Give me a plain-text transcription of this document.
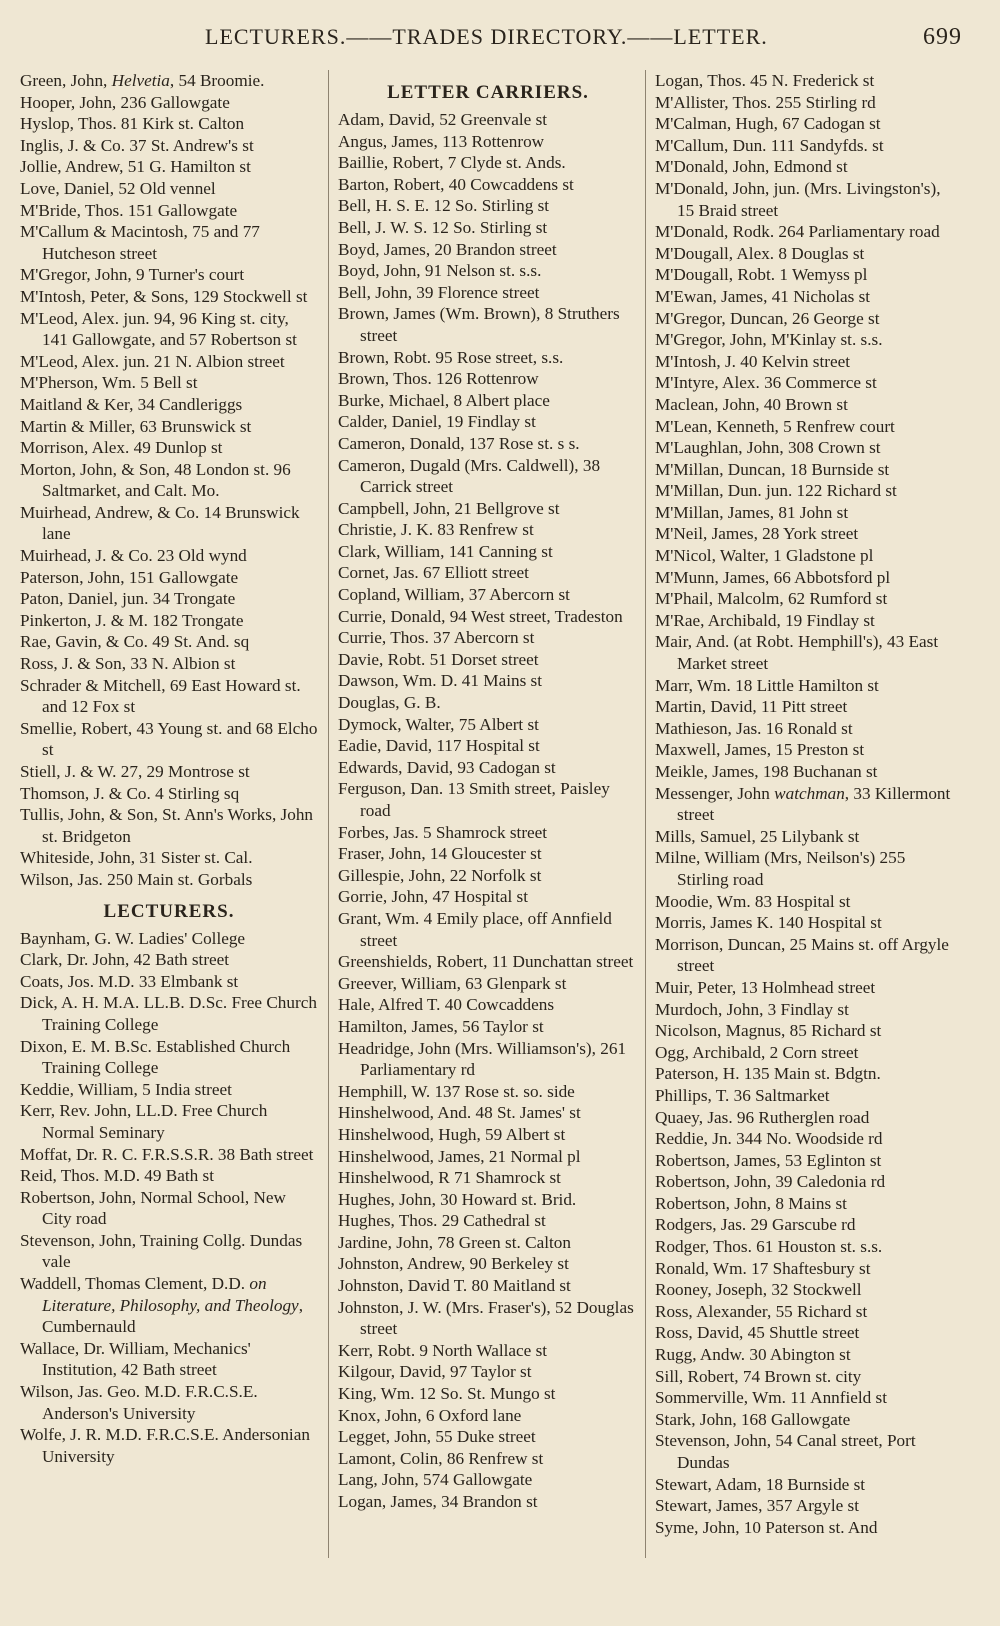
LECTURERS.——TRADES DIRECTORY.——LETTER.	699
Green, John, Helvetia, 54 Broomie.
Hooper, John, 236 Gallowgate
Hyslop, Thos. 81 Kirk st. Calton
Inglis, J. & Co. 37 St. Andrew's st
Jollie, Andrew, 51 G. Hamilton st
Love, Daniel, 52 Old vennel
M'Bride, Thos. 151 Gallowgate
M'Callum & Macintosh, 75 and 77 Hutcheson street
M'Gregor, John, 9 Turner's court
M'Intosh, Peter, & Sons, 129 Stockwell st
M'Leod, Alex. jun. 94, 96 King st. city, 141 Gallowgate, and 57 Robertson st
M'Leod, Alex. jun. 21 N. Albion street
M'Pherson, Wm. 5 Bell st
Maitland & Ker, 34 Candleriggs
Martin & Miller, 63 Brunswick st
Morrison, Alex. 49 Dunlop st
Morton, John, & Son, 48 London st. 96 Saltmarket, and Calt. Mo.
Muirhead, Andrew, & Co. 14 Brunswick lane
Muirhead, J. & Co. 23 Old wynd
Paterson, John, 151 Gallowgate
Paton, Daniel, jun. 34 Trongate
Pinkerton, J. & M. 182 Trongate
Rae, Gavin, & Co. 49 St. And. sq
Ross, J. & Son, 33 N. Albion st
Schrader & Mitchell, 69 East Howard st. and 12 Fox st
Smellie, Robert, 43 Young st. and 68 Elcho st
Stiell, J. & W. 27, 29 Montrose st
Thomson, J. & Co. 4 Stirling sq
Tullis, John, & Son, St. Ann's Works, John st. Bridgeton
Whiteside, John, 31 Sister st. Cal.
Wilson, Jas. 250 Main st. Gorbals
LECTURERS.
Baynham, G. W. Ladies' College
Clark, Dr. John, 42 Bath street
Coats, Jos. M.D. 33 Elmbank st
Dick, A. H. M.A. LL.B. D.Sc. Free Church Training College
Dixon, E. M. B.Sc. Established Church Training College
Keddie, William, 5 India street
Kerr, Rev. John, LL.D. Free Church Normal Seminary
Moffat, Dr. R. C. F.R.S.S.R. 38 Bath street
Reid, Thos. M.D. 49 Bath st
Robertson, John, Normal School, New City road
Stevenson, John, Training Collg. Dundas vale
Waddell, Thomas Clement, D.D. on Literature, Philosophy, and Theology, Cumbernauld
Wallace, Dr. William, Mechanics' Institution, 42 Bath street
Wilson, Jas. Geo. M.D. F.R.C.S.E. Anderson's University
Wolfe, J. R. M.D. F.R.C.S.E. Andersonian University
LETTER CARRIERS.
Adam, David, 52 Greenvale st
Angus, James, 113 Rottenrow
Baillie, Robert, 7 Clyde st. Ands.
Barton, Robert, 40 Cowcaddens st
Bell, H. S. E. 12 So. Stirling st
Bell, J. W. S. 12 So. Stirling st
Boyd, James, 20 Brandon street
Boyd, John, 91 Nelson st. s.s.
Bell, John, 39 Florence street
Brown, James (Wm. Brown), 8 Struthers street
Brown, Robt. 95 Rose street, s.s.
Brown, Thos. 126 Rottenrow
Burke, Michael, 8 Albert place
Calder, Daniel, 19 Findlay st
Cameron, Donald, 137 Rose st. s s.
Cameron, Dugald (Mrs. Caldwell), 38 Carrick street
Campbell, John, 21 Bellgrove st
Christie, J. K. 83 Renfrew st
Clark, William, 141 Canning st
Cornet, Jas. 67 Elliott street
Copland, William, 37 Abercorn st
Currie, Donald, 94 West street, Tradeston
Currie, Thos. 37 Abercorn st
Davie, Robt. 51 Dorset street
Dawson, Wm. D. 41 Mains st
Douglas, G. B.
Dymock, Walter, 75 Albert st
Eadie, David, 117 Hospital st
Edwards, David, 93 Cadogan st
Ferguson, Dan. 13 Smith street, Paisley road
Forbes, Jas. 5 Shamrock street
Fraser, John, 14 Gloucester st
Gillespie, John, 22 Norfolk st
Gorrie, John, 47 Hospital st
Grant, Wm. 4 Emily place, off Annfield street
Greenshields, Robert, 11 Dunchattan street
Greever, William, 63 Glenpark st
Hale, Alfred T. 40 Cowcaddens
Hamilton, James, 56 Taylor st
Headridge, John (Mrs. Williamson's), 261 Parliamentary rd
Hemphill, W. 137 Rose st. so. side
Hinshelwood, And. 48 St. James' st
Hinshelwood, Hugh, 59 Albert st
Hinshelwood, James, 21 Normal pl
Hinshelwood, R 71 Shamrock st
Hughes, John, 30 Howard st. Brid.
Hughes, Thos. 29 Cathedral st
Jardine, John, 78 Green st. Calton
Johnston, Andrew, 90 Berkeley st
Johnston, David T. 80 Maitland st
Johnston, J. W. (Mrs. Fraser's), 52 Douglas street
Kerr, Robt. 9 North Wallace st
Kilgour, David, 97 Taylor st
King, Wm. 12 So. St. Mungo st
Knox, John, 6 Oxford lane
Legget, John, 55 Duke street
Lamont, Colin, 86 Renfrew st
Lang, John, 574 Gallowgate
Logan, James, 34 Brandon st
Logan, Thos. 45 N. Frederick st
M'Allister, Thos. 255 Stirling rd
M'Calman, Hugh, 67 Cadogan st
M'Callum, Dun. 111 Sandyfds. st
M'Donald, John, Edmond st
M'Donald, John, jun. (Mrs. Livingston's), 15 Braid street
M'Donald, Rodk. 264 Parliamentary road
M'Dougall, Alex. 8 Douglas st
M'Dougall, Robt. 1 Wemyss pl
M'Ewan, James, 41 Nicholas st
M'Gregor, Duncan, 26 George st
M'Gregor, John, M'Kinlay st. s.s.
M'Intosh, J. 40 Kelvin street
M'Intyre, Alex. 36 Commerce st
Maclean, John, 40 Brown st
M'Lean, Kenneth, 5 Renfrew court
M'Laughlan, John, 308 Crown st
M'Millan, Duncan, 18 Burnside st
M'Millan, Dun. jun. 122 Richard st
M'Millan, James, 81 John st
M'Neil, James, 28 York street
M'Nicol, Walter, 1 Gladstone pl
M'Munn, James, 66 Abbotsford pl
M'Phail, Malcolm, 62 Rumford st
M'Rae, Archibald, 19 Findlay st
Mair, And. (at Robt. Hemphill's), 43 East Market street
Marr, Wm. 18 Little Hamilton st
Martin, David, 11 Pitt street
Mathieson, Jas. 16 Ronald st
Maxwell, James, 15 Preston st
Meikle, James, 198 Buchanan st
Messenger, John watchman, 33 Killermont street
Mills, Samuel, 25 Lilybank st
Milne, William (Mrs, Neilson's) 255 Stirling road
Moodie, Wm. 83 Hospital st
Morris, James K. 140 Hospital st
Morrison, Duncan, 25 Mains st. off Argyle street
Muir, Peter, 13 Holmhead street
Murdoch, John, 3 Findlay st
Nicolson, Magnus, 85 Richard st
Ogg, Archibald, 2 Corn street
Paterson, H. 135 Main st. Bdgtn.
Phillips, T. 36 Saltmarket
Quaey, Jas. 96 Rutherglen road
Reddie, Jn. 344 No. Woodside rd
Robertson, James, 53 Eglinton st
Robertson, John, 39 Caledonia rd
Robertson, John, 8 Mains st
Rodgers, Jas. 29 Garscube rd
Rodger, Thos. 61 Houston st. s.s.
Ronald, Wm. 17 Shaftesbury st
Rooney, Joseph, 32 Stockwell
Ross, Alexander, 55 Richard st
Ross, David, 45 Shuttle street
Rugg, Andw. 30 Abington st
Sill, Robert, 74 Brown st. city
Sommerville, Wm. 11 Annfield st
Stark, John, 168 Gallowgate
Stevenson, John, 54 Canal street, Port Dundas
Stewart, Adam, 18 Burnside st
Stewart, James, 357 Argyle st
Syme, John, 10 Paterson st. And
